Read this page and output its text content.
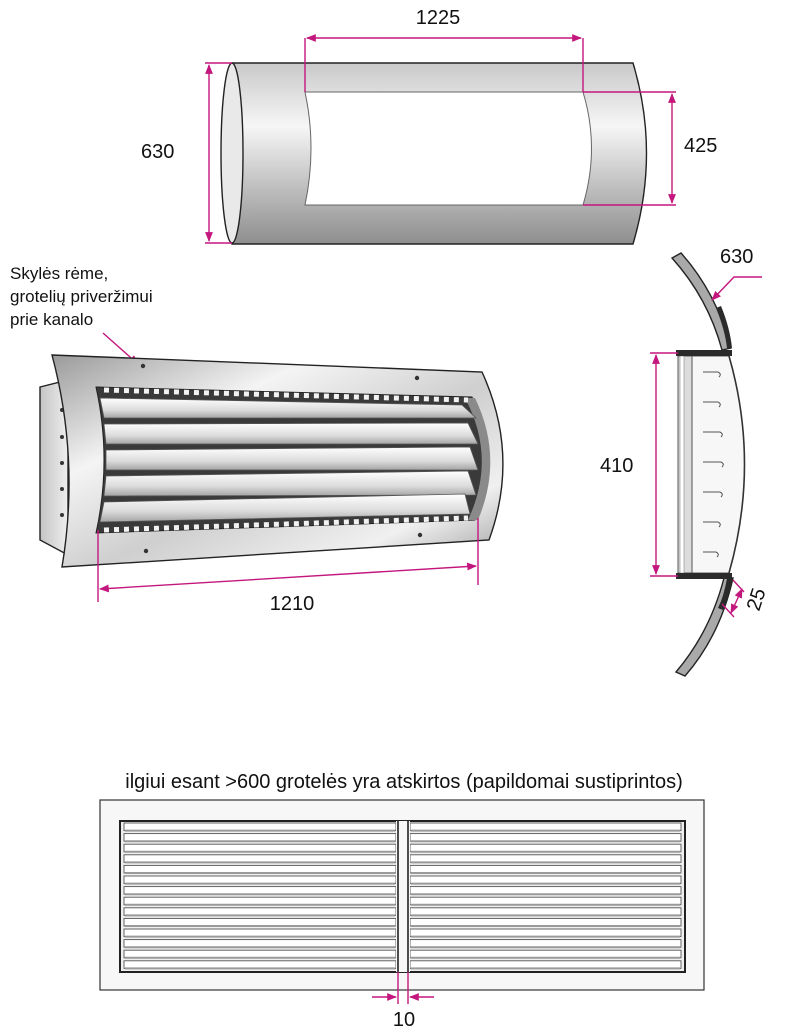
1225
630	425
Skylės rėme,
grotelių priveržimui
prie kanalo
1210
630
410
25
ilgiui esant >600 grotelės yra atskirtos (papildomai sustiprintos)
10
